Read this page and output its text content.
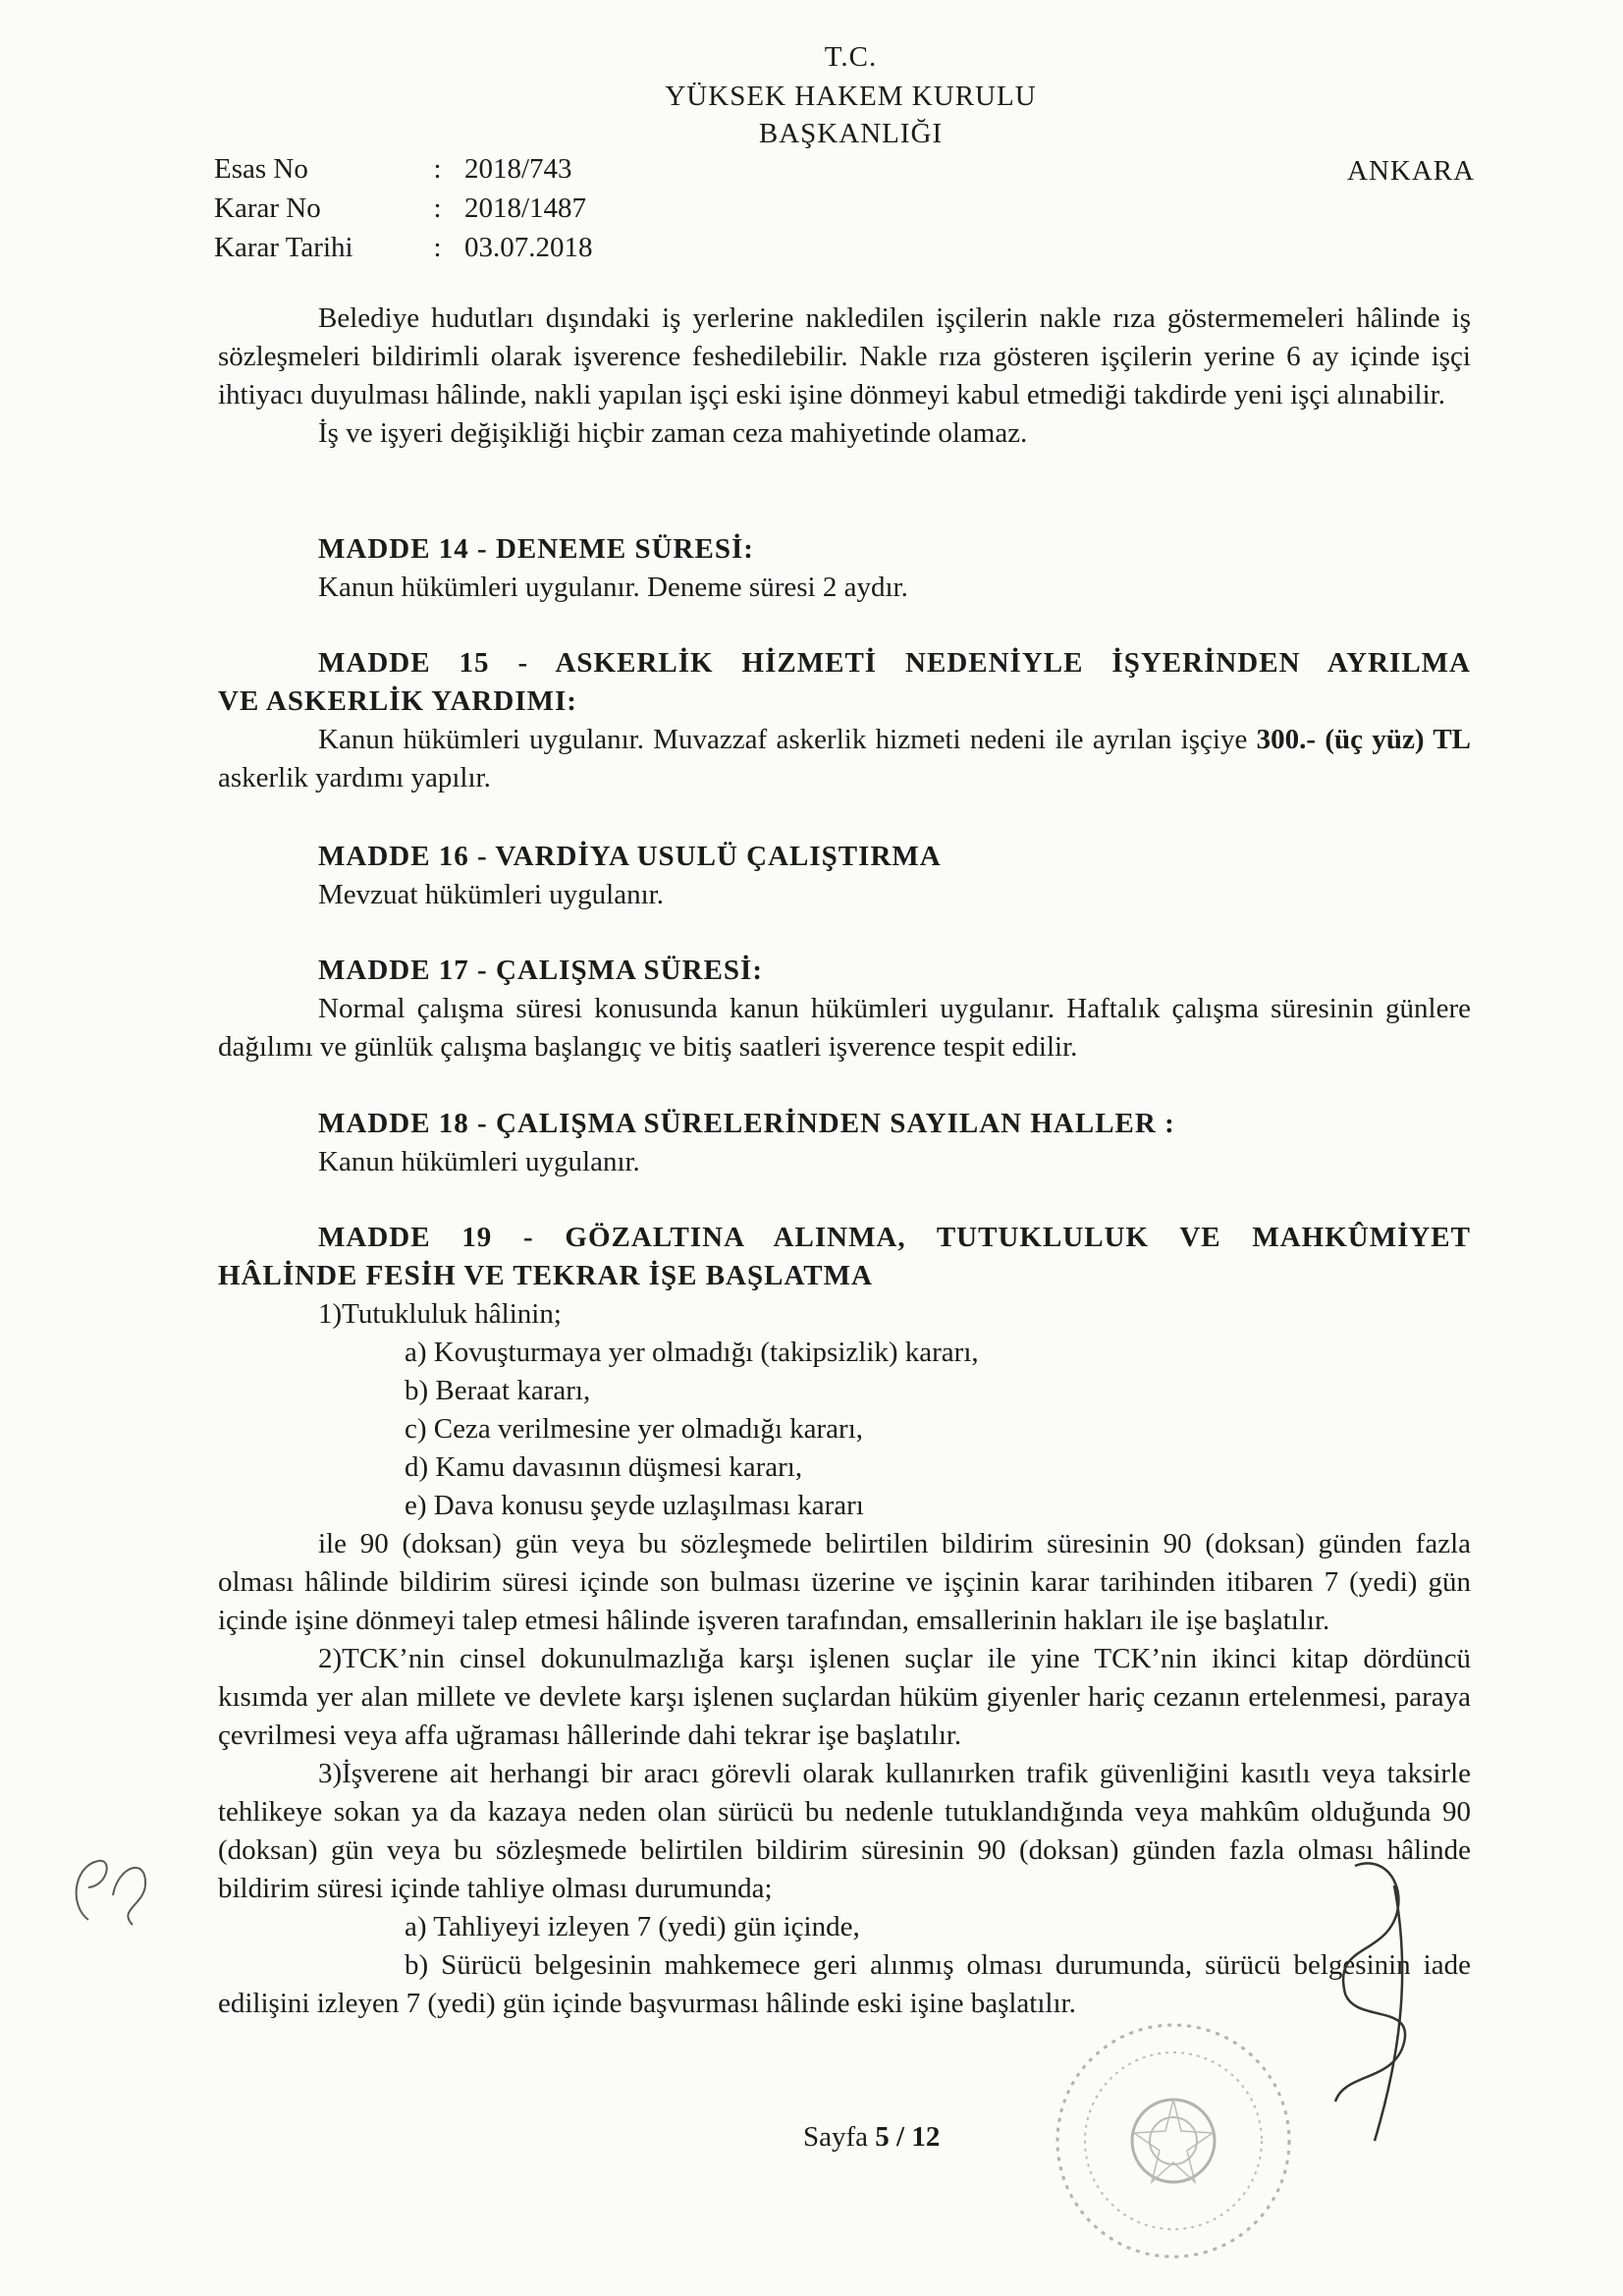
T.C.
YÜKSEK HAKEM KURULU
BAŞKANLIĞI
ANKARA
Esas No	: 2018/743
Karar No	: 2018/1487
Karar Tarihi	: 03.07.2018

Belediye hudutları dışındaki iş yerlerine nakledilen işçilerin nakle rıza göstermemeleri hâlinde iş sözleşmeleri bildirimli olarak işverence feshedilebilir. Nakle rıza gösteren işçilerin yerine 6 ay içinde işçi ihtiyacı duyulması hâlinde, nakli yapılan işçi eski işine dönmeyi kabul etmediği takdirde yeni işçi alınabilir.

İş ve işyeri değişikliği hiçbir zaman ceza mahiyetinde olamaz.

MADDE 14 - DENEME SÜRESİ:

Kanun hükümleri uygulanır. Deneme süresi 2 aydır.

MADDE 15 - ASKERLİK HİZMETİ NEDENİYLE İŞYERİNDEN AYRILMA

VE ASKERLİK YARDIMI:

Kanun hükümleri uygulanır. Muvazzaf askerlik hizmeti nedeni ile ayrılan işçiye 300.- (üç yüz) TL askerlik yardımı yapılır.

MADDE 16 - VARDİYA USULÜ ÇALIŞTIRMA

Mevzuat hükümleri uygulanır.

MADDE 17 - ÇALIŞMA SÜRESİ:

Normal çalışma süresi konusunda kanun hükümleri uygulanır. Haftalık çalışma süresinin günlere dağılımı ve günlük çalışma başlangıç ve bitiş saatleri işverence tespit edilir.

MADDE 18 - ÇALIŞMA SÜRELERİNDEN SAYILAN HALLER :

Kanun hükümleri uygulanır.

MADDE 19 - GÖZALTINA ALINMA, TUTUKLULUK VE MAHKÛMİYET

HÂLİNDE FESİH VE TEKRAR İŞE BAŞLATMA

1)Tutukluluk hâlinin;

a) Kovuşturmaya yer olmadığı (takipsizlik) kararı,

b) Beraat kararı,

c) Ceza verilmesine yer olmadığı kararı,

d) Kamu davasının düşmesi kararı,

e) Dava konusu şeyde uzlaşılması kararı

ile 90 (doksan) gün veya bu sözleşmede belirtilen bildirim süresinin 90 (doksan) günden fazla olması hâlinde bildirim süresi içinde son bulması üzerine ve işçinin karar tarihinden itibaren 7 (yedi) gün içinde işine dönmeyi talep etmesi hâlinde işveren tarafından, emsallerinin hakları ile işe başlatılır.

2)TCK’nin cinsel dokunulmazlığa karşı işlenen suçlar ile yine TCK’nin ikinci kitap dördüncü kısımda yer alan millete ve devlete karşı işlenen suçlardan hüküm giyenler hariç cezanın ertelenmesi, paraya çevrilmesi veya affa uğraması hâllerinde dahi tekrar işe başlatılır.

3)İşverene ait herhangi bir aracı görevli olarak kullanırken trafik güvenliğini kasıtlı veya taksirle tehlikeye sokan ya da kazaya neden olan sürücü bu nedenle tutuklandığında veya mahkûm olduğunda 90 (doksan) gün veya bu sözleşmede belirtilen bildirim süresinin 90 (doksan) günden fazla olması hâlinde bildirim süresi içinde tahliye olması durumunda;

a) Tahliyeyi izleyen 7 (yedi) gün içinde,

b) Sürücü belgesinin mahkemece geri alınmış olması durumunda, sürücü belgesinin iade edilişini izleyen 7 (yedi) gün içinde başvurması hâlinde eski işine başlatılır.

Sayfa 5 / 12
